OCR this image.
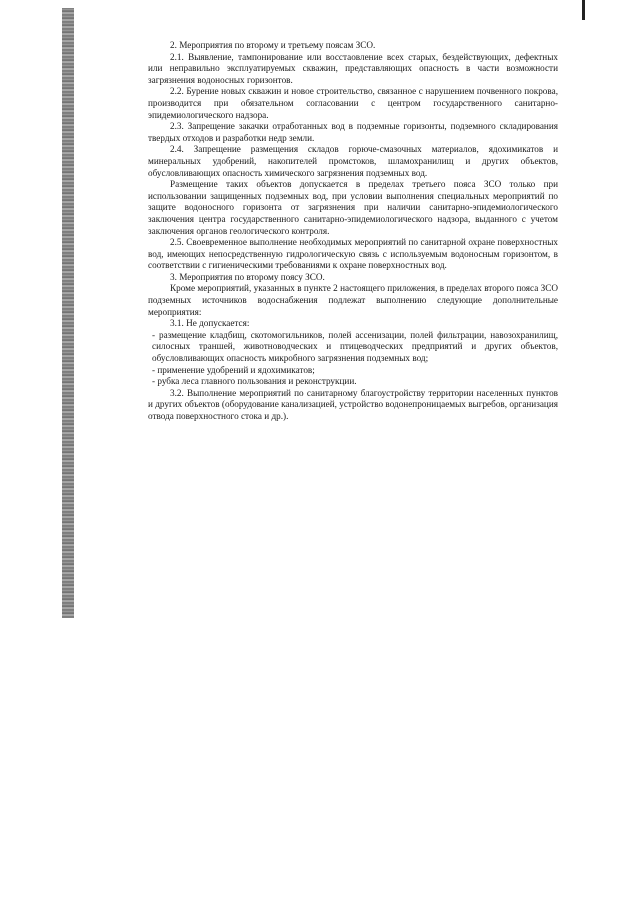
2. Мероприятия по второму и третьему поясам ЗСО.

2.1. Выявление, тампонирование или восстаовление всех старых, бездействующих, дефектных или неправильно эксплуатируемых скважин, представляющих опасность в части возможности загрязнения водоносных горизонтов.

2.2. Бурение новых скважин и новое строительство, связанное с нарушением почвенного покрова, производится при обязательном согласовании с центром государственного санитарно-эпидемиологического надзора.

2.3. Запрещение закачки отработанных вод в подземные горизонты, подземного складирования твердых отходов и разработки недр земли.

2.4. Запрещение размещения складов горюче-смазочных материалов, ядохимикатов и минеральных удобрений, накопителей промстоков, шламохранилищ и других объектов, обусловливающих опасность химического загрязнения подземных вод.

Размещение таких объектов допускается в пределах третьего пояса ЗСО только при использовании защищенных подземных вод, при условии выполнения специальных мероприятий по защите водоносного горизонта от загрязнения при наличии санитарно-эпидемиологического заключения центра государственного санитарно-эпидемиологического надзора, выданного с учетом заключения органов геологического контроля.

2.5. Своевременное выполнение необходимых мероприятий по санитарной охране поверхностных вод, имеющих непосредственную гидрологическую связь с используемым водоносным горизонтом, в соответствии с гигиеническими требованиями к охране поверхностных вод.

3. Мероприятия по второму поясу ЗСО.

Кроме мероприятий, указанных в пункте 2 настоящего приложения, в пределах второго пояса ЗСО подземных источников водоснабжения подлежат выполнению следующие дополнительные мероприятия:

3.1. Не допускается:

- размещение кладбищ, скотомогильников, полей ассенизации, полей фильтрации, навозохранилищ, силосных траншей, животноводческих и птицеводческих предприятий и других объектов, обусловливающих опасность микробного загрязнения подземных вод;

- применение удобрений и ядохимикатов;

- рубка леса главного пользования и реконструкции.

3.2. Выполнение мероприятий по санитарному благоустройству территории населенных пунктов и других объектов (оборудование канализацией, устройство водонепроницаемых выгребов, организация отвода поверхностного стока и др.).
